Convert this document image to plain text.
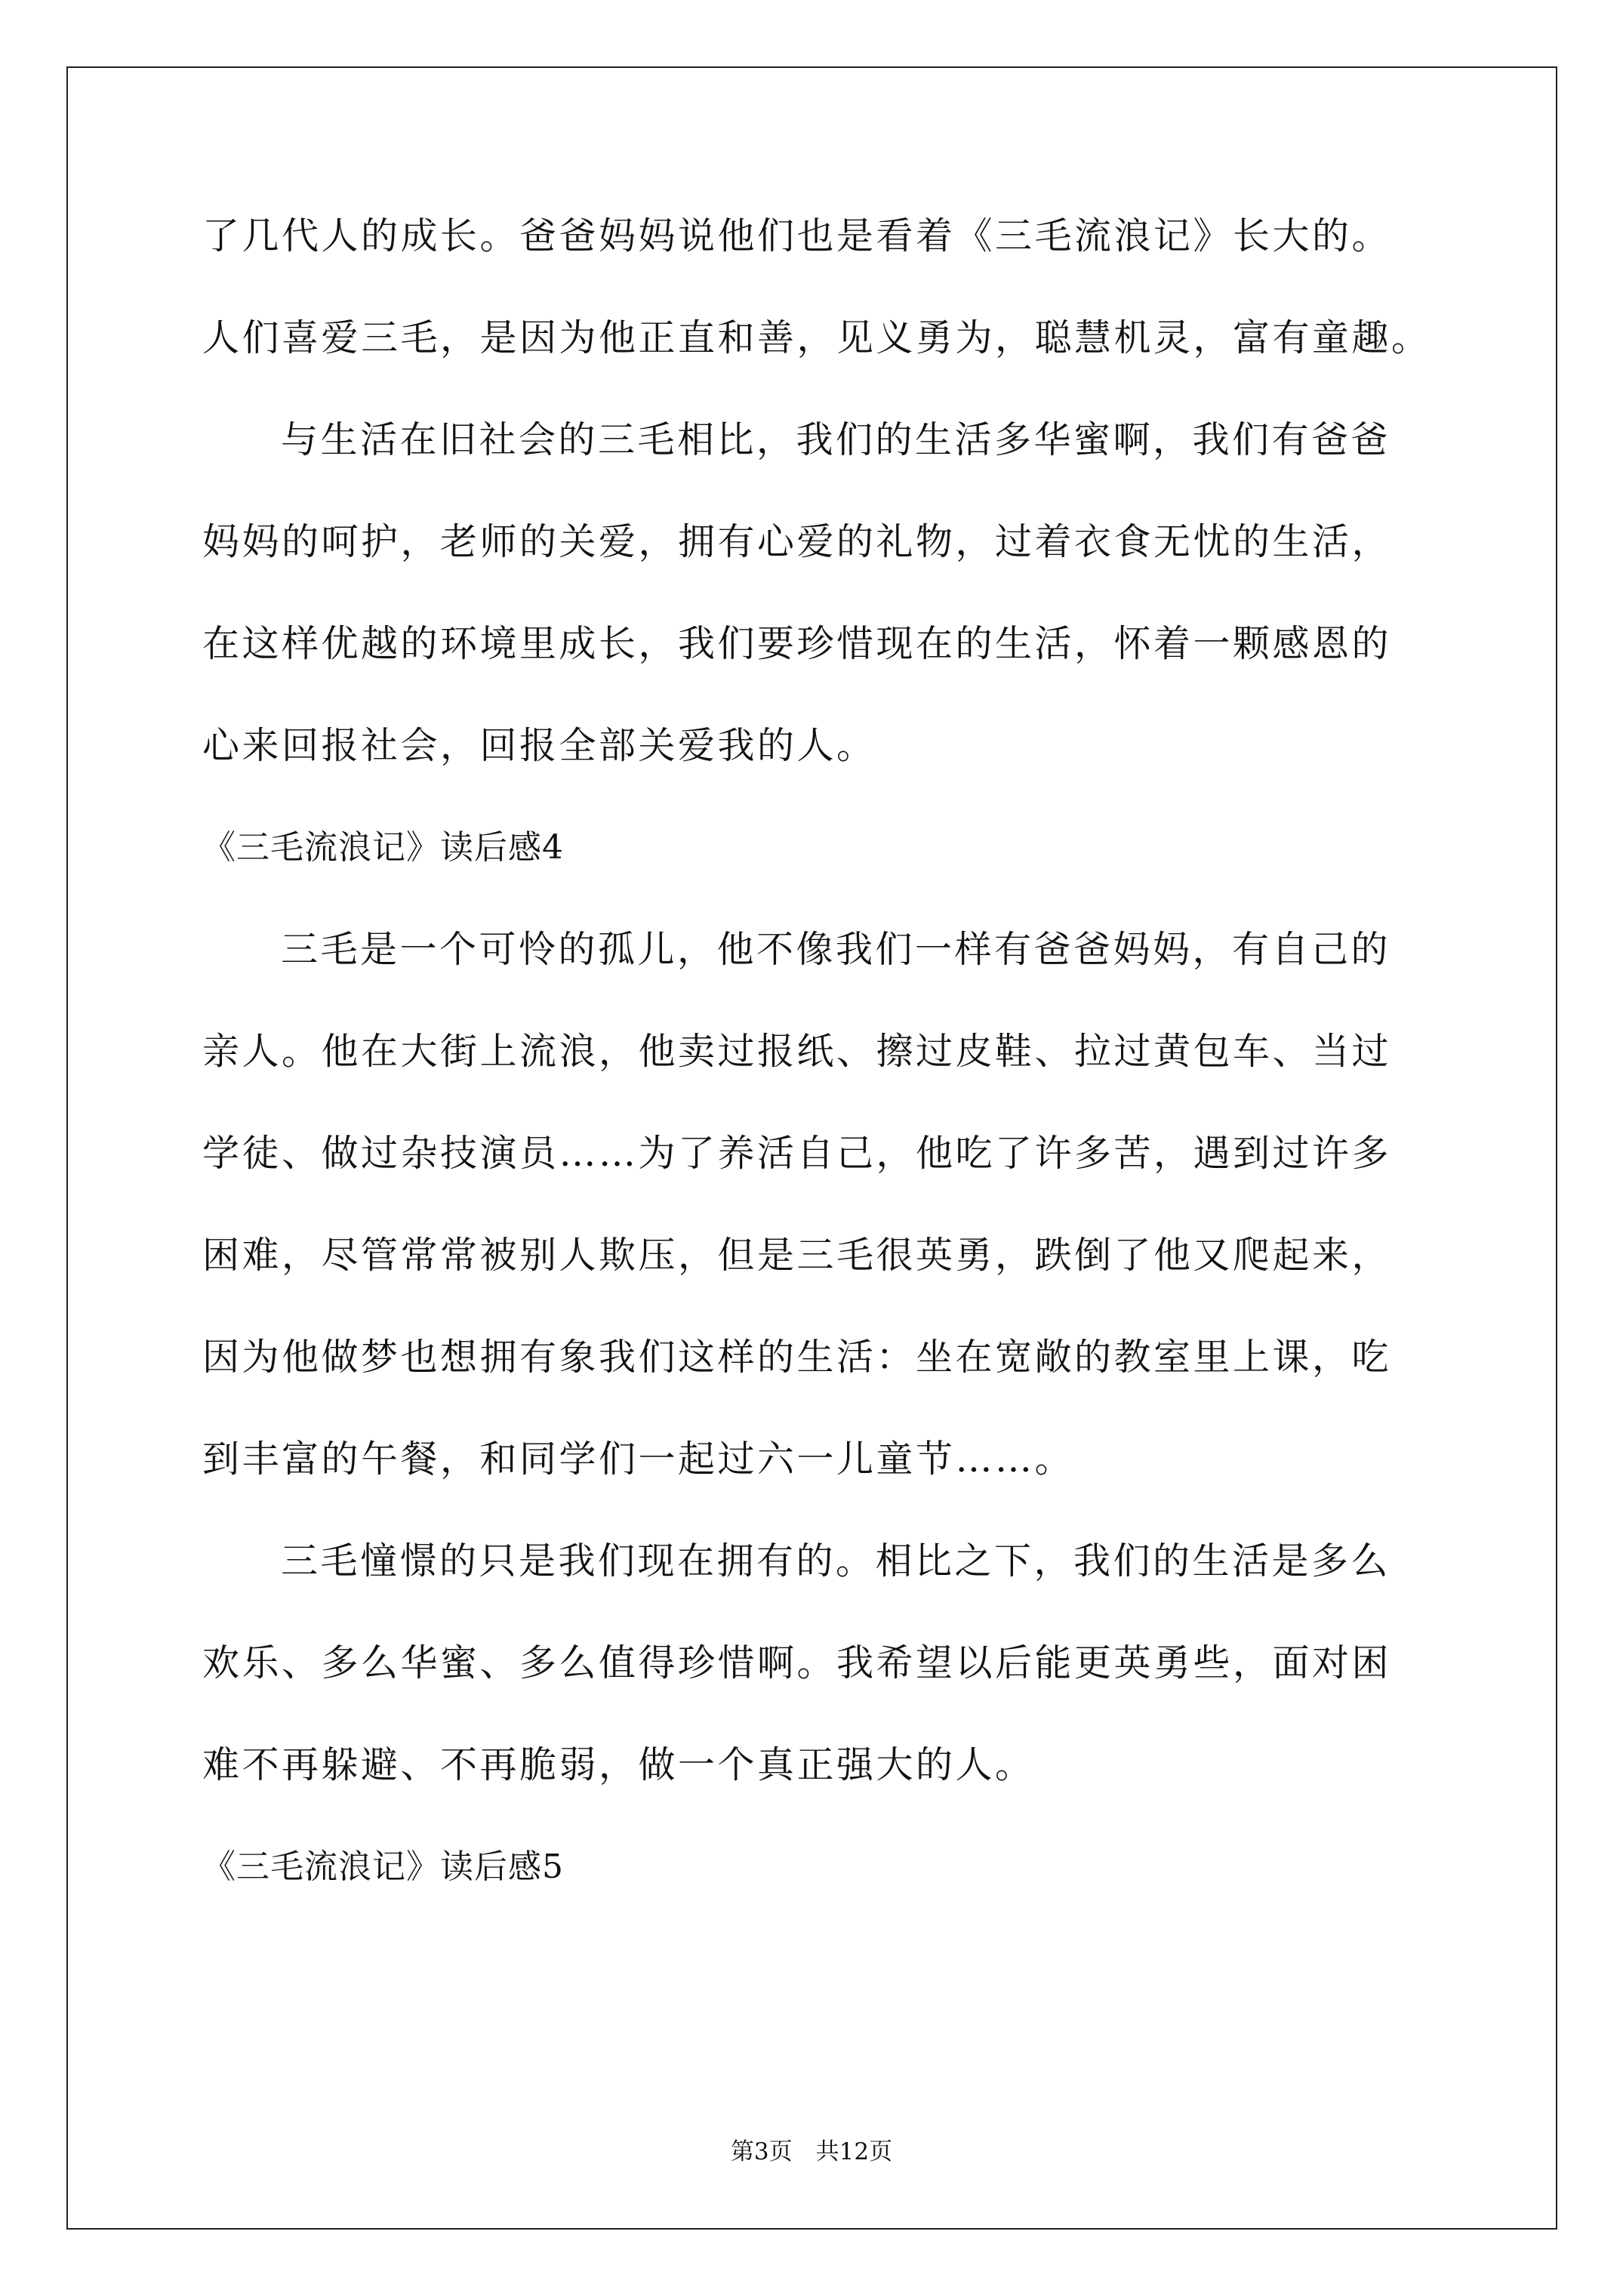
了几代人的成长。爸爸妈妈说他们也是看着《三毛流浪记》长大的。
人们喜爱三毛，是因为他正直和善，见义勇为，聪慧机灵，富有童趣。
与生活在旧社会的三毛相比，我们的生活多华蜜啊，我们有爸爸
妈妈的呵护，老师的关爱，拥有心爱的礼物，过着衣食无忧的生活，
在这样优越的环境里成长，我们要珍惜现在的生活，怀着一颗感恩的
心来回报社会，回报全部关爱我的人。
《三毛流浪记》读后感4
三毛是一个可怜的孤儿，他不像我们一样有爸爸妈妈，有自己的
亲人。他在大街上流浪，他卖过报纸、擦过皮鞋、拉过黄包车、当过
学徒、做过杂技演员……为了养活自己，他吃了许多苦，遇到过许多
困难，尽管常常被别人欺压，但是三毛很英勇，跌倒了他又爬起来，
因为他做梦也想拥有象我们这样的生活：坐在宽敞的教室里上课，吃
到丰富的午餐，和同学们一起过六一儿童节……。
三毛憧憬的只是我们现在拥有的。相比之下，我们的生活是多么
欢乐、多么华蜜、多么值得珍惜啊。我希望以后能更英勇些，面对困
难不再躲避、不再脆弱，做一个真正强大的人。
《三毛流浪记》读后感5
第3页　共12页
